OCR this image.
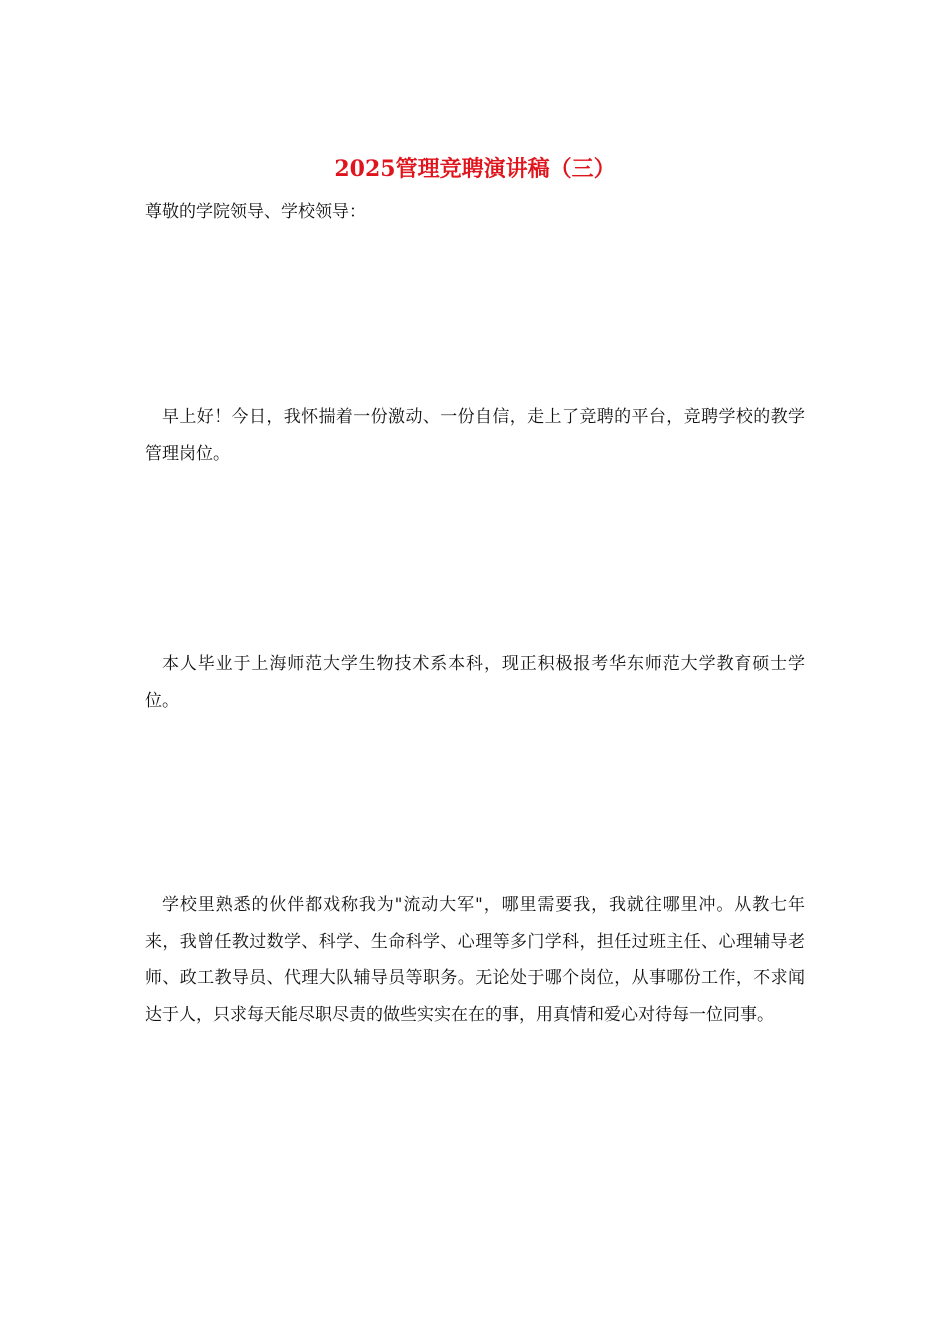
2025管理竞聘演讲稿（三）
尊敬的学院领导、学校领导：

早上好！今日，我怀揣着一份激动、一份自信，走上了竞聘的平台，竞聘学校的教学管理岗位。

本人毕业于上海师范大学生物技术系本科，现正积极报考华东师范大学教育硕士学位。

学校里熟悉的伙伴都戏称我为"流动大军"，哪里需要我，我就往哪里冲。从教七年来，我曾任教过数学、科学、生命科学、心理等多门学科，担任过班主任、心理辅导老师、政工教导员、代理大队辅导员等职务。无论处于哪个岗位，从事哪份工作，不求闻达于人，只求每天能尽职尽责的做些实实在在的事，用真情和爱心对待每一位同事。
